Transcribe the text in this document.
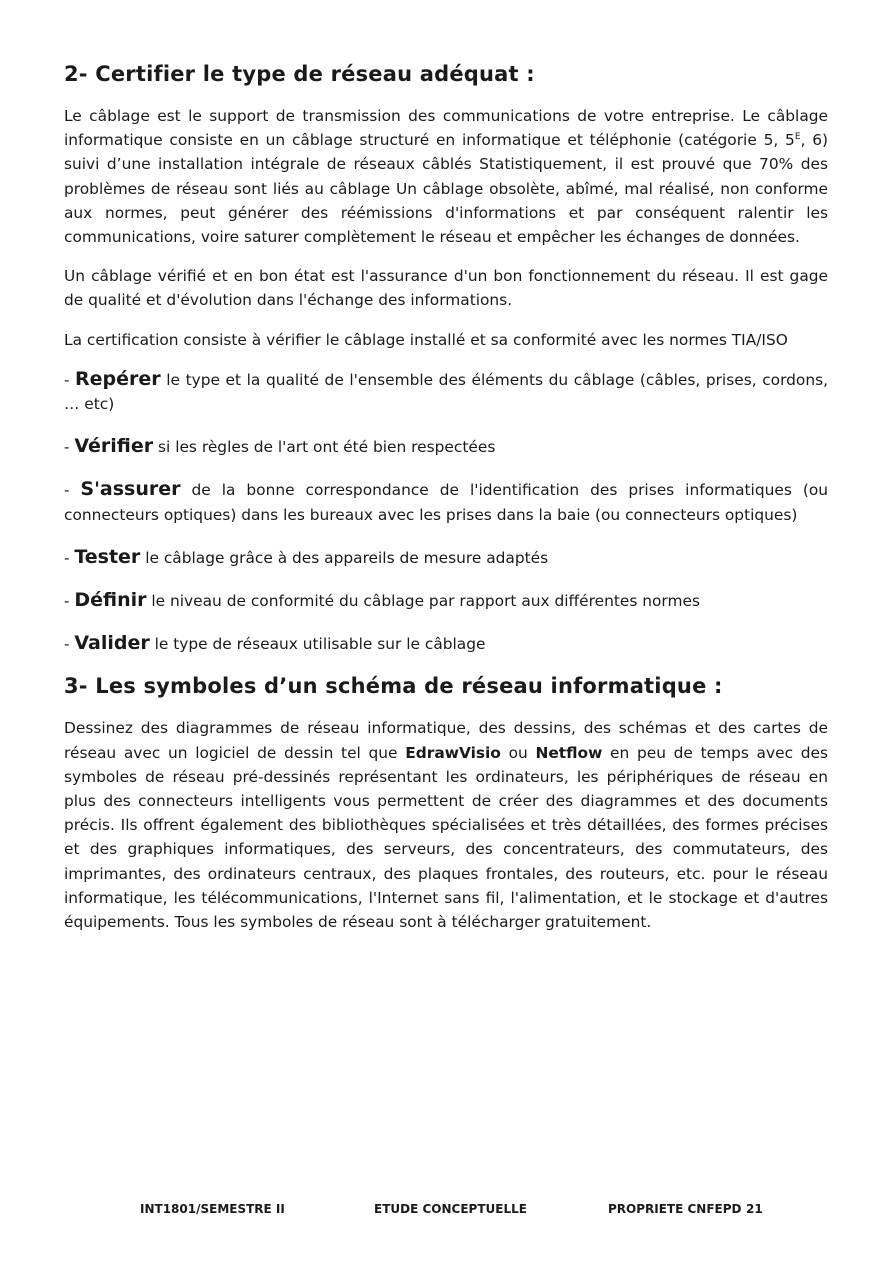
2- Certifier le type de réseau adéquat :

Le câblage est le support de transmission des communications de votre entreprise. Le câblage informatique consiste en un câblage structuré en informatique et téléphonie (catégorie 5, $5^E$, 6) suivi d’une installation intégrale de réseaux câblés Statistiquement, il est prouvé que 70% des problèmes de réseau sont liés au câblage Un câblage obsolète, abîmé, mal réalisé, non conforme aux normes, peut générer des réémissions d'informations et par conséquent ralentir les communications, voire saturer complètement le réseau et empêcher les échanges de données.

Un câblage vérifié et en bon état est l'assurance d'un bon fonctionnement du réseau. Il est gage de qualité et d'évolution dans l'échange des informations.

La certification consiste à vérifier le câblage installé et sa conformité avec les normes TIA/ISO

- Repérer le type et la qualité de l'ensemble des éléments du câblage (câbles, prises, cordons, … etc)

- Vérifier si les règles de l'art ont été bien respectées

- S'assurer de la bonne correspondance de l'identification des prises informatiques (ou connecteurs optiques) dans les bureaux avec les prises dans la baie (ou connecteurs optiques)

- Tester le câblage grâce à des appareils de mesure adaptés

- Définir le niveau de conformité du câblage par rapport aux différentes normes

- Valider le type de réseaux utilisable sur le câblage

3- Les symboles d’un schéma de réseau informatique :

Dessinez des diagrammes de réseau informatique, des dessins, des schémas et des cartes de réseau avec un logiciel de dessin tel que EdrawVisio ou Netflow en peu de temps avec des symboles de réseau pré-dessinés représentant les ordinateurs, les périphériques de réseau en plus des connecteurs intelligents vous permettent de créer des diagrammes et des documents précis. Ils offrent également des bibliothèques spécialisées et très détaillées, des formes précises et des graphiques informatiques, des serveurs, des concentrateurs, des commutateurs, des imprimantes, des ordinateurs centraux, des plaques frontales, des routeurs, etc. pour le réseau informatique, les télécommunications, l'Internet sans fil, l'alimentation, et le stockage et d'autres équipements. Tous les symboles de réseau sont à télécharger gratuitement.

INT1801/SEMESTRE II	ETUDE CONCEPTUELLE	PROPRIETE CNFEPD 21
